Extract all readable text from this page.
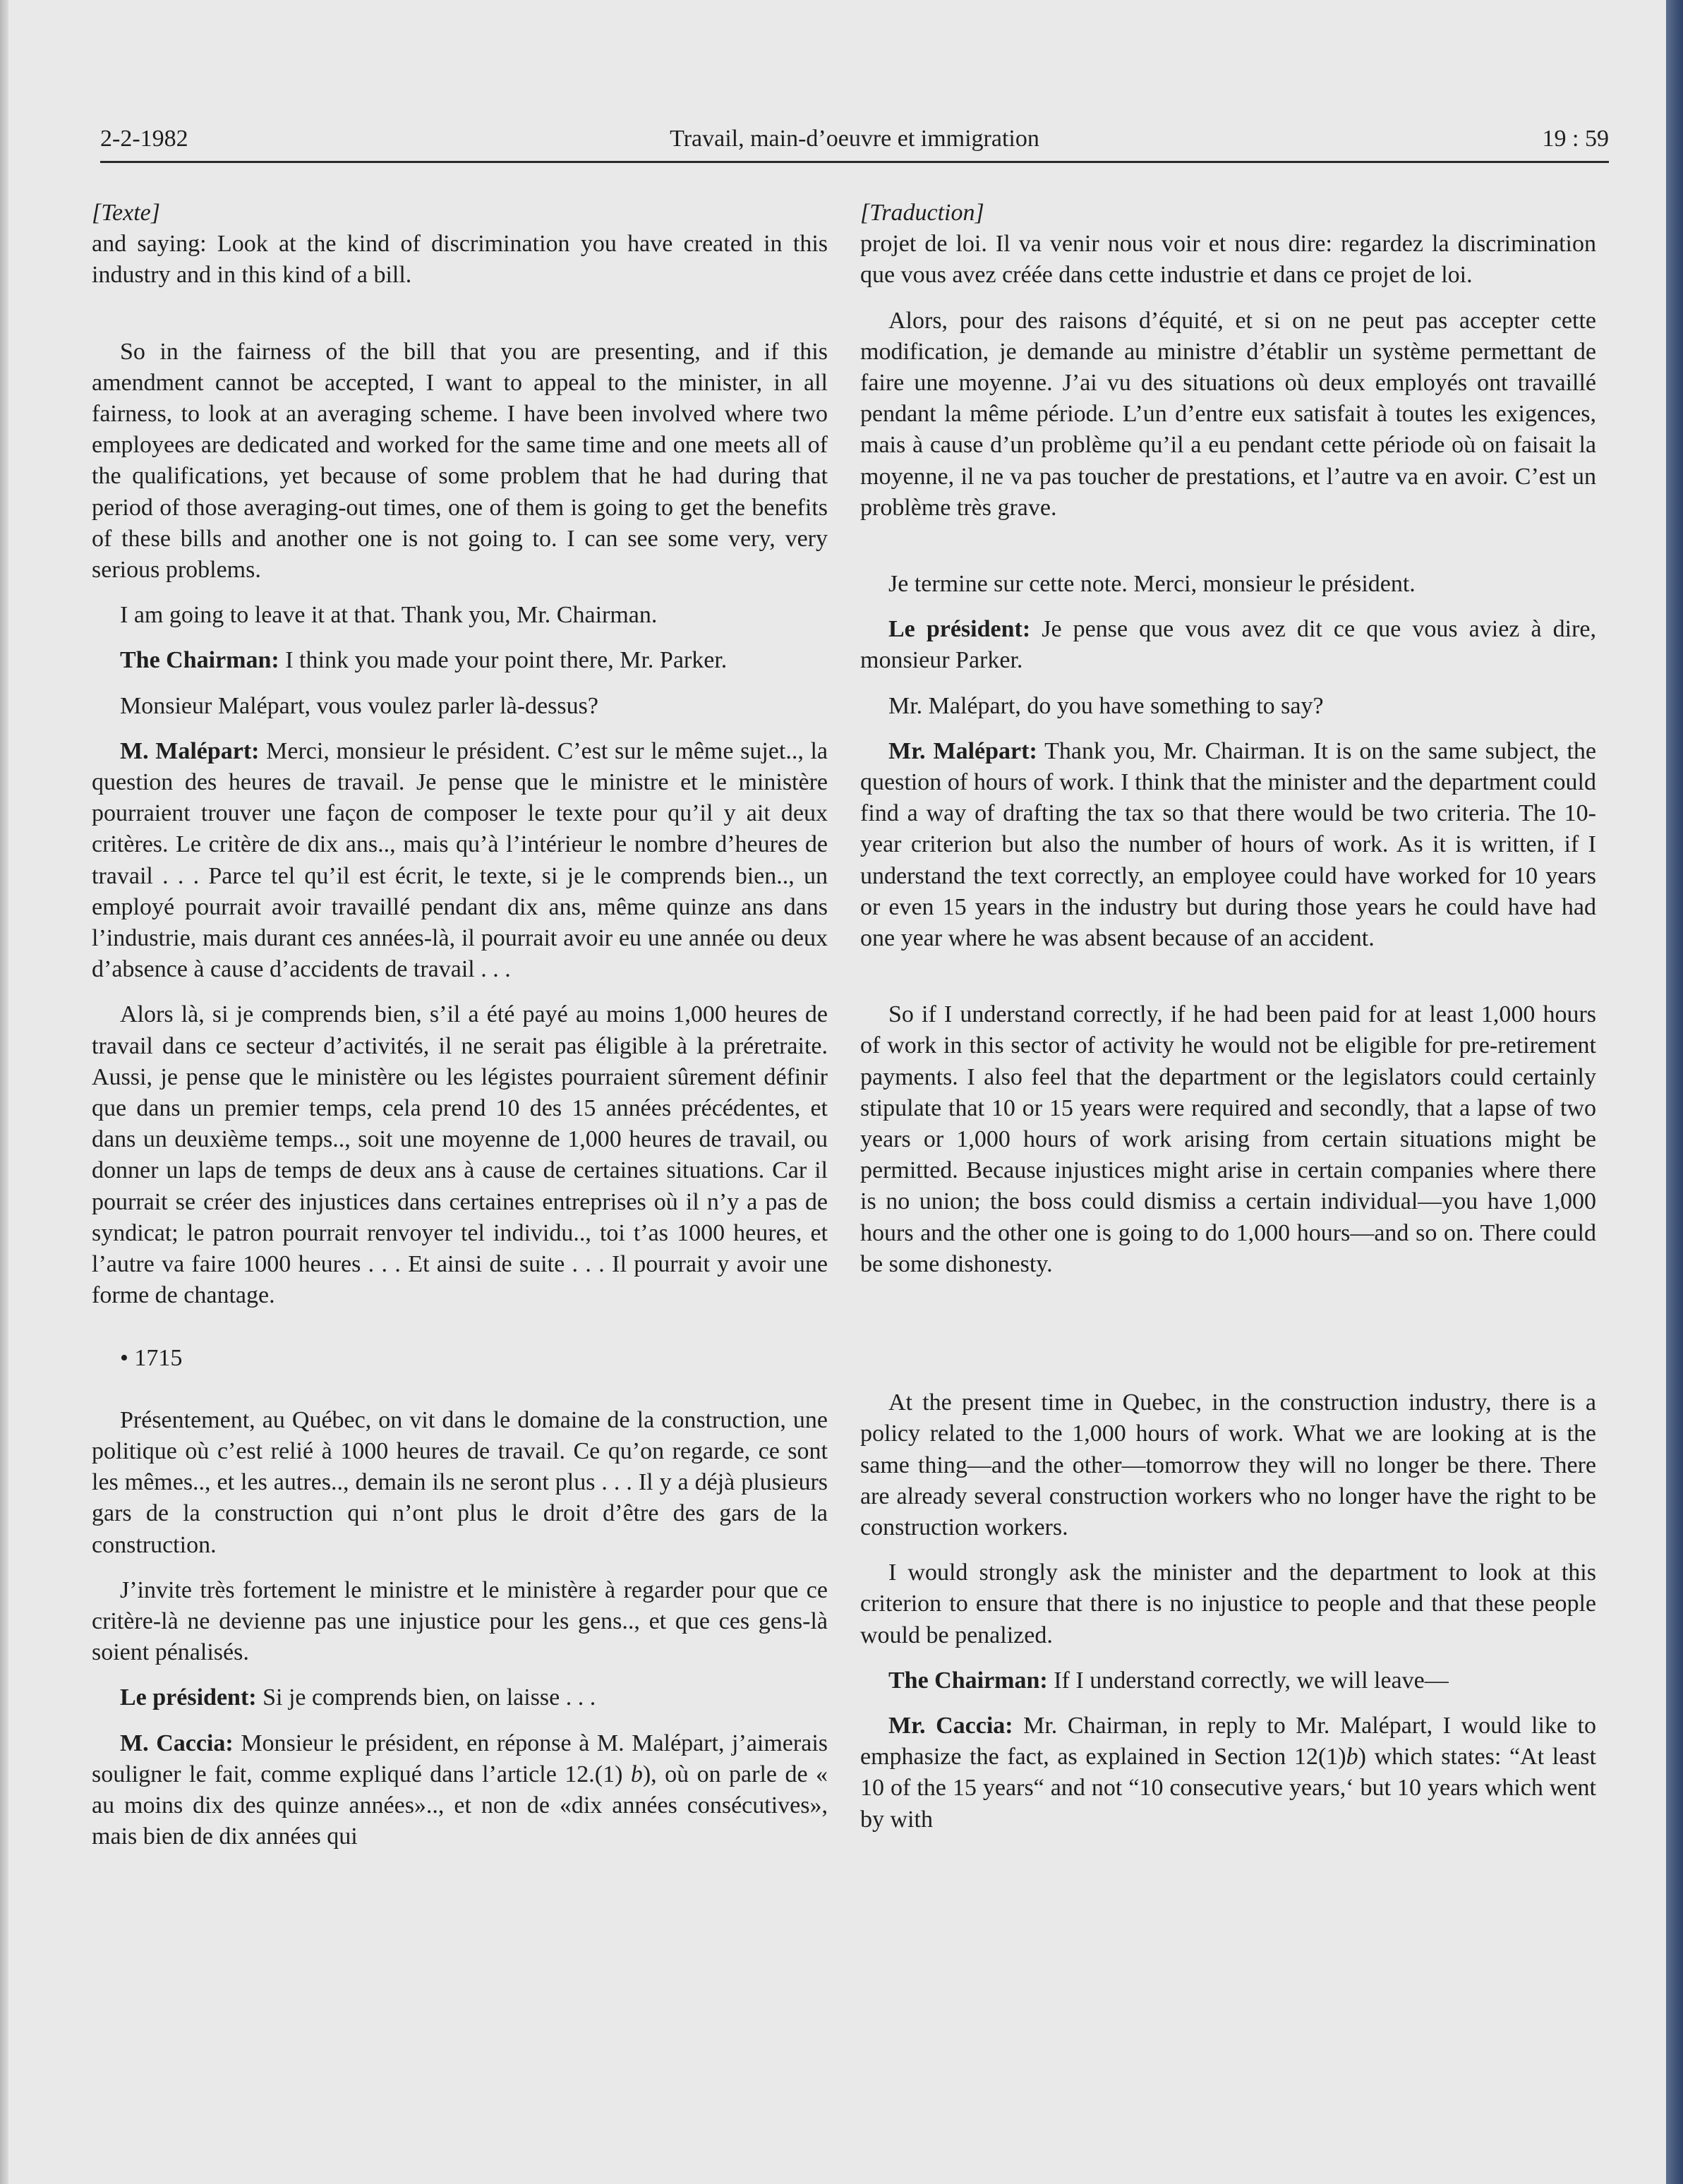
2-2-1982	Travail, main-d’oeuvre et immigration	19 : 59

[Texte]

and saying: Look at the kind of discrimination you have created in this industry and in this kind of a bill.

So in the fairness of the bill that you are presenting, and if this amendment cannot be accepted, I want to appeal to the minister, in all fairness, to look at an averaging scheme. I have been involved where two employees are dedicated and worked for the same time and one meets all of the qualifications, yet because of some problem that he had during that period of those averaging-out times, one of them is going to get the benefits of these bills and another one is not going to. I can see some very, very serious problems.

I am going to leave it at that. Thank you, Mr. Chairman.

The Chairman: I think you made your point there, Mr. Parker.

Monsieur Malépart, vous voulez parler là-dessus?

M. Malépart: Merci, monsieur le président. C’est sur le même sujet.., la question des heures de travail. Je pense que le ministre et le ministère pourraient trouver une façon de composer le texte pour qu’il y ait deux critères. Le critère de dix ans.., mais qu’à l’intérieur le nombre d’heures de travail . . . Parce tel qu’il est écrit, le texte, si je le comprends bien.., un employé pourrait avoir travaillé pendant dix ans, même quinze ans dans l’industrie, mais durant ces années-là, il pourrait avoir eu une année ou deux d’absence à cause d’accidents de travail . . .

Alors là, si je comprends bien, s’il a été payé au moins 1,000 heures de travail dans ce secteur d’activités, il ne serait pas éligible à la préretraite. Aussi, je pense que le ministère ou les légistes pourraient sûrement définir que dans un premier temps, cela prend 10 des 15 années précédentes, et dans un deuxième temps.., soit une moyenne de 1,000 heures de travail, ou donner un laps de temps de deux ans à cause de certaines situations. Car il pourrait se créer des injustices dans certaines entreprises où il n’y a pas de syndicat; le patron pourrait renvoyer tel individu.., toi t’as 1000 heures, et l’autre va faire 1000 heures . . . Et ainsi de suite . . . Il pourrait y avoir une forme de chantage.

• 1715

Présentement, au Québec, on vit dans le domaine de la construction, une politique où c’est relié à 1000 heures de travail. Ce qu’on regarde, ce sont les mêmes.., et les autres.., demain ils ne seront plus . . . Il y a déjà plusieurs gars de la construction qui n’ont plus le droit d’être des gars de la construction.

J’invite très fortement le ministre et le ministère à regarder pour que ce critère-là ne devienne pas une injustice pour les gens.., et que ces gens-là soient pénalisés.

Le président: Si je comprends bien, on laisse . . .

M. Caccia: Monsieur le président, en réponse à M. Malépart, j’aimerais souligner le fait, comme expliqué dans l’article 12.(1) b), où on parle de « au moins dix des quinze années».., et non de «dix années consécutives», mais bien de dix années qui

[Traduction]

projet de loi. Il va venir nous voir et nous dire: regardez la discrimination que vous avez créée dans cette industrie et dans ce projet de loi.

Alors, pour des raisons d’équité, et si on ne peut pas accepter cette modification, je demande au ministre d’établir un système permettant de faire une moyenne. J’ai vu des situations où deux employés ont travaillé pendant la même période. L’un d’entre eux satisfait à toutes les exigences, mais à cause d’un problème qu’il a eu pendant cette période où on faisait la moyenne, il ne va pas toucher de prestations, et l’autre va en avoir. C’est un problème très grave.

Je termine sur cette note. Merci, monsieur le président.

Le président: Je pense que vous avez dit ce que vous aviez à dire, monsieur Parker.

Mr. Malépart, do you have something to say?

Mr. Malépart: Thank you, Mr. Chairman. It is on the same subject, the question of hours of work. I think that the minister and the department could find a way of drafting the tax so that there would be two criteria. The 10-year criterion but also the number of hours of work. As it is written, if I understand the text correctly, an employee could have worked for 10 years or even 15 years in the industry but during those years he could have had one year where he was absent because of an accident.

So if I understand correctly, if he had been paid for at least 1,000 hours of work in this sector of activity he would not be eligible for pre-retirement payments. I also feel that the department or the legislators could certainly stipulate that 10 or 15 years were required and secondly, that a lapse of two years or 1,000 hours of work arising from certain situations might be permitted. Because injustices might arise in certain companies where there is no union; the boss could dismiss a certain individual—you have 1,000 hours and the other one is going to do 1,000 hours—and so on. There could be some dishonesty.

At the present time in Quebec, in the construction industry, there is a policy related to the 1,000 hours of work. What we are looking at is the same thing—and the other—tomorrow they will no longer be there. There are already several construction workers who no longer have the right to be construction workers.

I would strongly ask the minister and the department to look at this criterion to ensure that there is no injustice to people and that these people would be penalized.

The Chairman: If I understand correctly, we will leave—

Mr. Caccia: Mr. Chairman, in reply to Mr. Malépart, I would like to emphasize the fact, as explained in Section 12(1)b) which states: “At least 10 of the 15 years“ and not “10 consecutive years,‘ but 10 years which went by with
